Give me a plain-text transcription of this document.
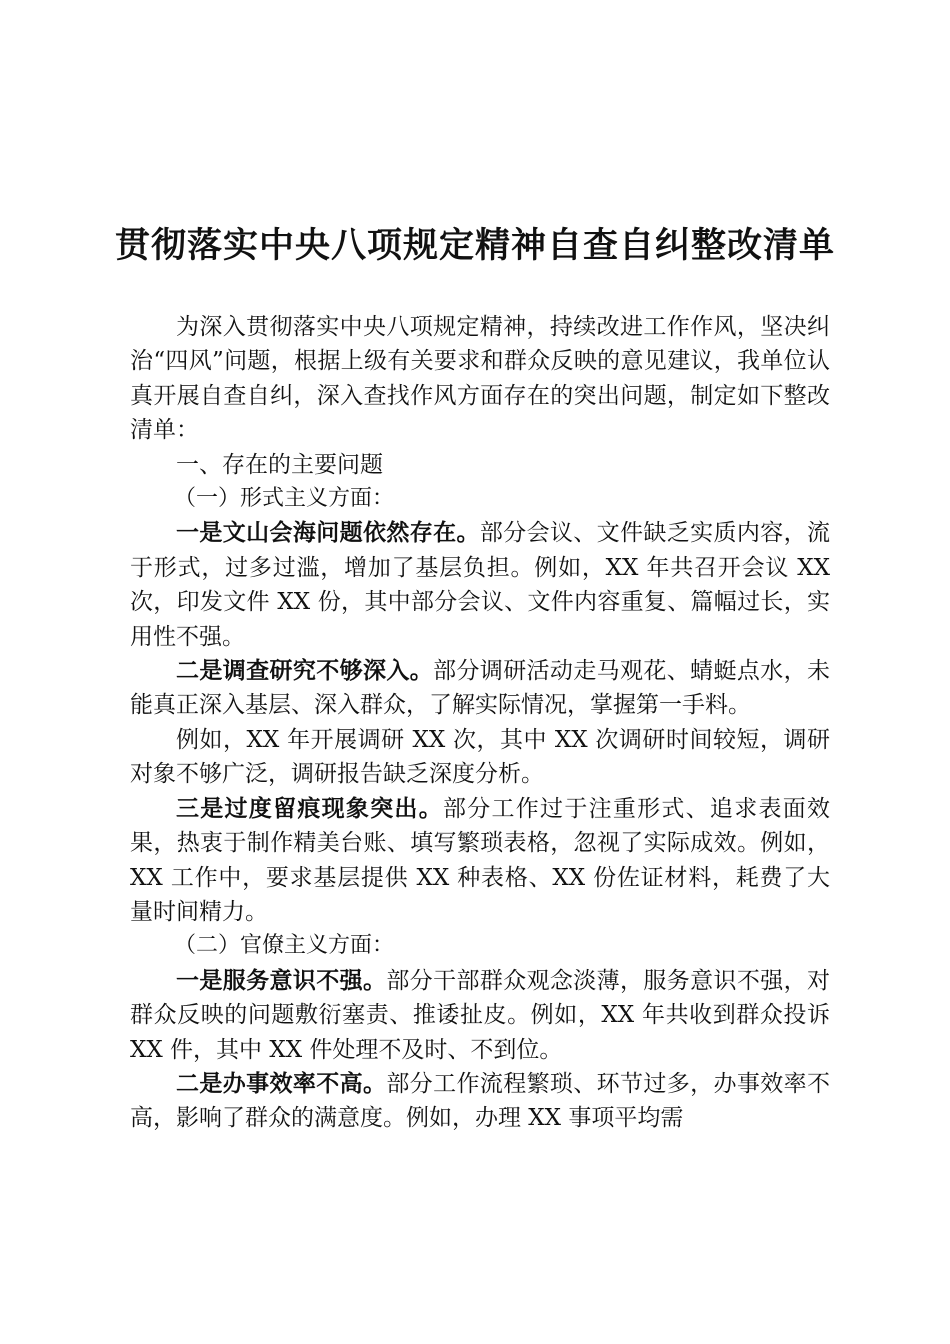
贯彻落实中央八项规定精神自查自纠整改清单

为深入贯彻落实中央八项规定精神，持续改进工作作风，坚决纠治“四风”问题，根据上级有关要求和群众反映的意见建议，我单位认真开展自查自纠，深入查找作风方面存在的突出问题，制定如下整改清单：

一、存在的主要问题

（一）形式主义方面：

一是文山会海问题依然存在。部分会议、文件缺乏实质内容，流于形式，过多过滥，增加了基层负担。例如，XX 年共召开会议 XX 次，印发文件 XX 份，其中部分会议、文件内容重复、篇幅过长，实用性不强。

二是调查研究不够深入。部分调研活动走马观花、蜻蜓点水，未能真正深入基层、深入群众，了解实际情况，掌握第一手料。

例如，XX 年开展调研 XX 次，其中 XX 次调研时间较短，调研对象不够广泛，调研报告缺乏深度分析。

三是过度留痕现象突出。部分工作过于注重形式、追求表面效果，热衷于制作精美台账、填写繁琐表格，忽视了实际成效。例如，XX 工作中，要求基层提供 XX 种表格、XX 份佐证材料，耗费了大量时间精力。

（二）官僚主义方面：

一是服务意识不强。部分干部群众观念淡薄，服务意识不强，对群众反映的问题敷衍塞责、推诿扯皮。例如，XX 年共收到群众投诉 XX 件，其中 XX 件处理不及时、不到位。

二是办事效率不高。部分工作流程繁琐、环节过多，办事效率不高，影响了群众的满意度。例如，办理 XX 事项平均需
